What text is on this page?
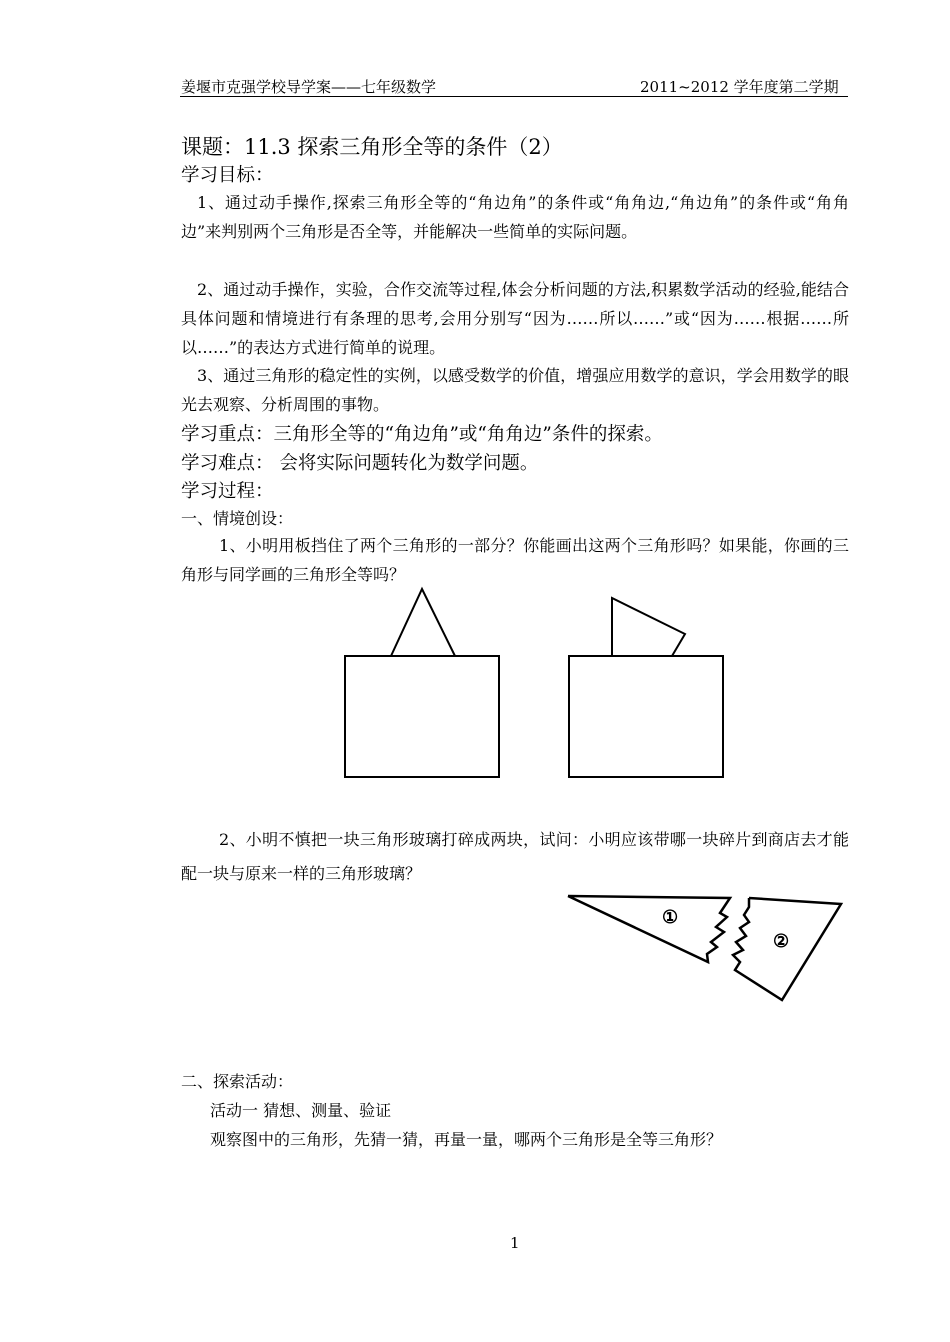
姜堰市克强学校导学案——七年级数学	2011~2012 学年度第二学期
课题：11.3 探索三角形全等的条件（2）
学习目标：
1、通过动手操作,探索三角形全等的“角边角”的条件或“角角边,“角边角”的条件或“角角边”来判别两个三角形是否全等，并能解决一些简单的实际问题。
2、通过动手操作，实验，合作交流等过程,体会分析问题的方法,积累数学活动的经验,能结合具体问题和情境进行有条理的思考,会用分别写“因为……所以……”或“因为……根据……所以……”的表达方式进行简单的说理。
3、通过三角形的稳定性的实例，以感受数学的价值，增强应用数学的意识，学会用数学的眼光去观察、分析周围的事物。
学习重点：三角形全等的“角边角”或“角角边”条件的探索。
学习难点： 会将实际问题转化为数学问题。
学习过程：
一、情境创设：
1、小明用板挡住了两个三角形的一部分？你能画出这两个三角形吗？如果能，你画的三角形与同学画的三角形全等吗？
2、小明不慎把一块三角形玻璃打碎成两块，试问：小明应该带哪一块碎片到商店去才能配一块与原来一样的三角形玻璃？
①
②
二、探索活动：
活动一 猜想、测量、验证
观察图中的三角形，先猜一猜，再量一量，哪两个三角形是全等三角形？
1
